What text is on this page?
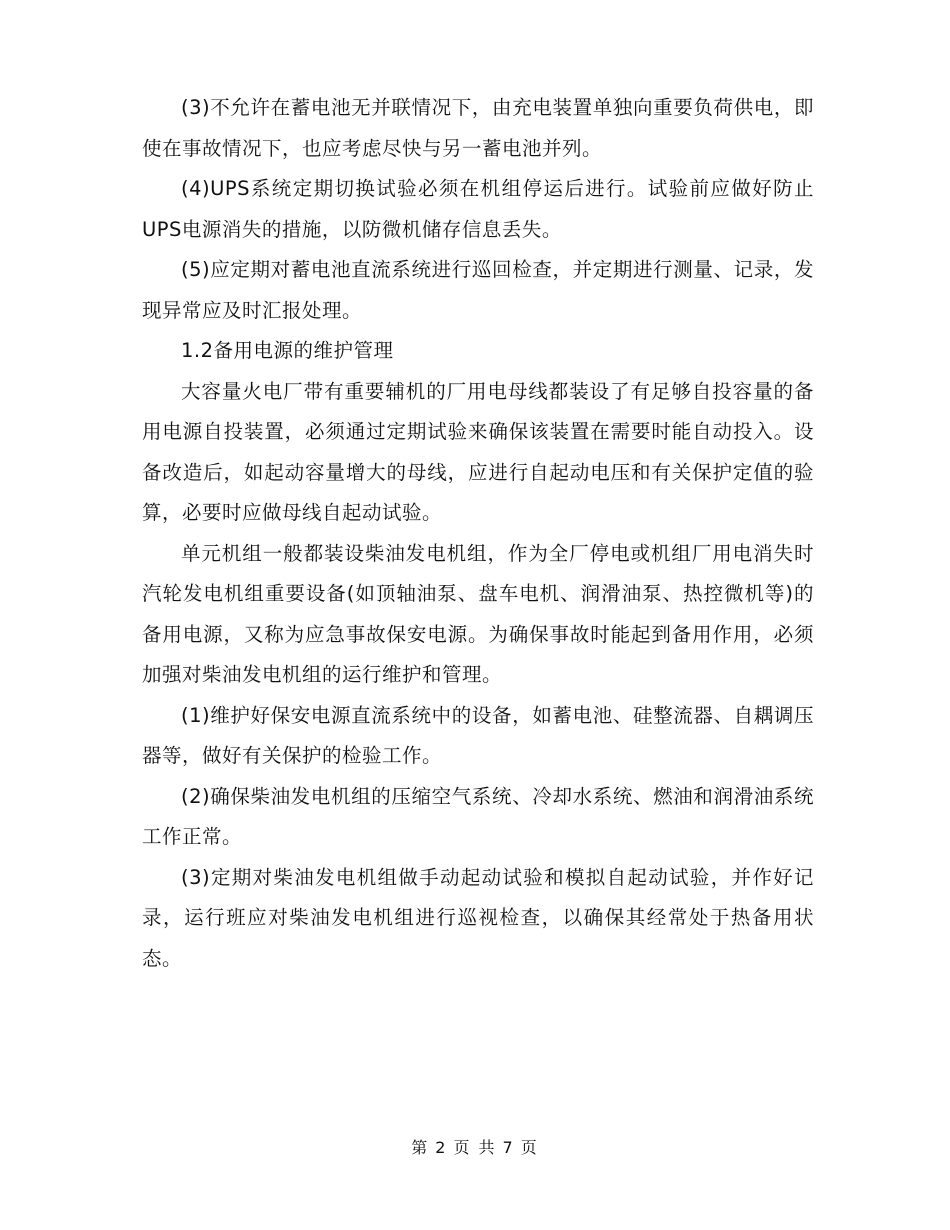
(3)不允许在蓄电池无并联情况下，由充电装置单独向重要负荷供电，即使在事故情况下，也应考虑尽快与另一蓄电池并列。

(4)UPS系统定期切换试验必须在机组停运后进行。试验前应做好防止UPS电源消失的措施，以防微机储存信息丢失。

(5)应定期对蓄电池直流系统进行巡回检查，并定期进行测量、记录，发现异常应及时汇报处理。

1.2备用电源的维护管理

大容量火电厂带有重要辅机的厂用电母线都装设了有足够自投容量的备用电源自投装置，必须通过定期试验来确保该装置在需要时能自动投入。设备改造后，如起动容量增大的母线，应进行自起动电压和有关保护定值的验算，必要时应做母线自起动试验。

单元机组一般都装设柴油发电机组，作为全厂停电或机组厂用电消失时汽轮发电机组重要设备(如顶轴油泵、盘车电机、润滑油泵、热控微机等)的备用电源，又称为应急事故保安电源。为确保事故时能起到备用作用，必须加强对柴油发电机组的运行维护和管理。

(1)维护好保安电源直流系统中的设备，如蓄电池、硅整流器、自耦调压器等，做好有关保护的检验工作。

(2)确保柴油发电机组的压缩空气系统、冷却水系统、燃油和润滑油系统工作正常。

(3)定期对柴油发电机组做手动起动试验和模拟自起动试验，并作好记录，运行班应对柴油发电机组进行巡视检查，以确保其经常处于热备用状态。

第 2 页 共 7 页
